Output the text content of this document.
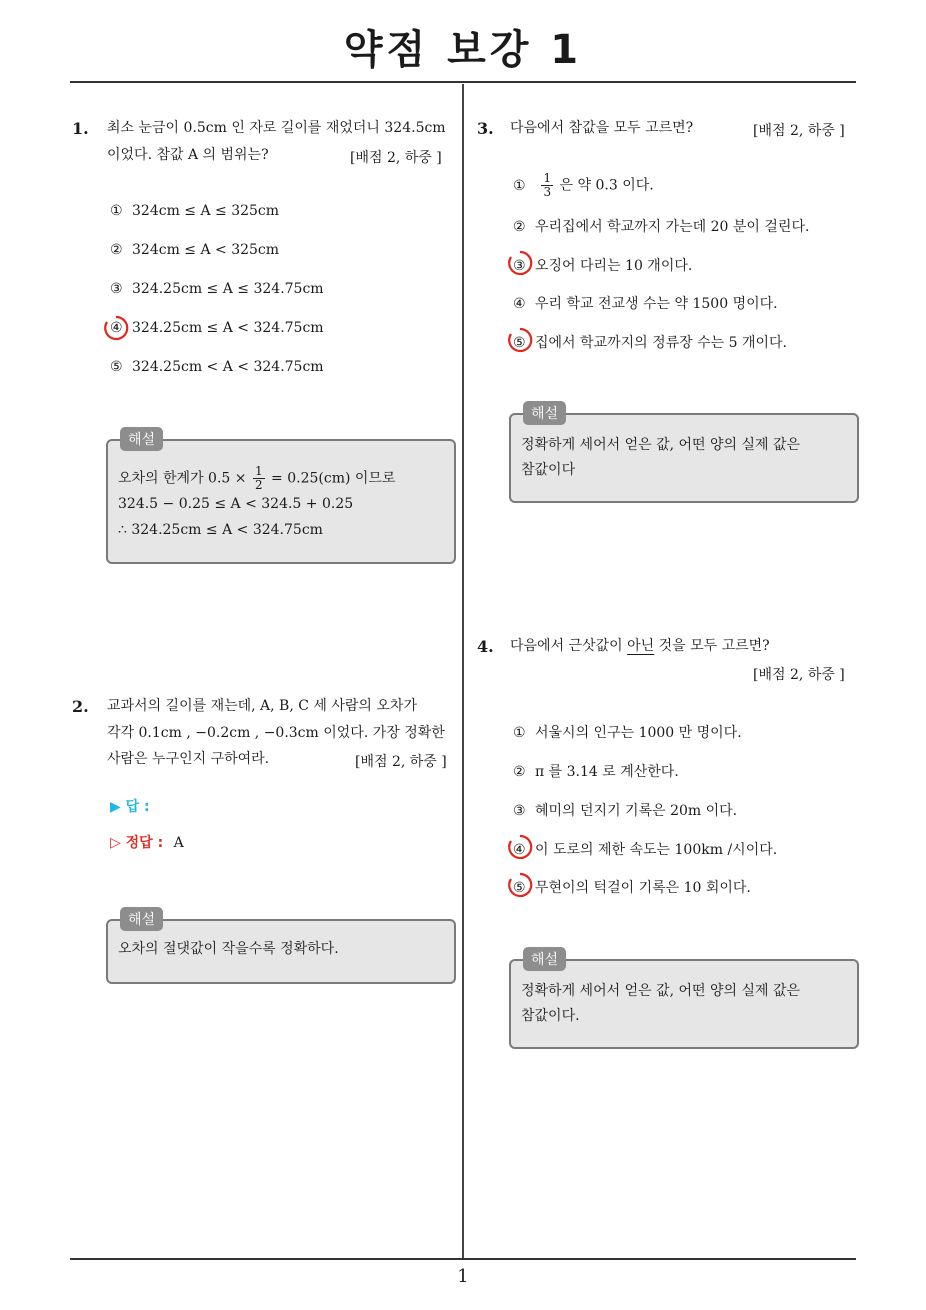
약점 보강 1
1. 최소 눈금이 0.5cm 인 자로 길이를 재었더니 324.5cm
이었다. 참값 A 의 범위는?	[배점 2, 하중 ]
① 324cm ≤ A ≤ 325cm
② 324cm ≤ A < 325cm
③ 324.25cm ≤ A ≤ 324.75cm
④ 324.25cm ≤ A < 324.75cm
⑤ 324.25cm < A < 324.75cm
해설
오차의 한계가 $0.5 \times \frac{1}{2} = 0.25(cm)$ 이므로
324.5 − 0.25 ≤ A < 324.5 + 0.25
∴ 324.25cm ≤ A < 324.75cm
2. 교과서의 길이를 재는데, A, B, C 세 사람의 오차가
각각 0.1cm , −0.2cm , −0.3cm 이었다. 가장 정확한
사람은 누구인지 구하여라.	[배점 2, 하중 ]
▶ 답 :
▷ 정답 : A
해설
오차의 절댓값이 작을수록 정확하다.
3. 다음에서 참값을 모두 고르면?	[배점 2, 하중 ]
① $\frac{1}{3}$ 은 약 0.3 이다.
② 우리집에서 학교까지 가는데 20 분이 걸린다.
③ 오징어 다리는 10 개이다.
④ 우리 학교 전교생 수는 약 1500 명이다.
⑤ 집에서 학교까지의 정류장 수는 5 개이다.
해설
정확하게 세어서 얻은 값, 어떤 양의 실제 값은
참값이다
4. 다음에서 근삿값이 아닌 것을 모두 고르면?
[배점 2, 하중 ]
① 서울시의 인구는 1000 만 명이다.
② π 를 3.14 로 계산한다.
③ 혜미의 던지기 기록은 20m 이다.
④ 이 도로의 제한 속도는 100km /시이다.
⑤ 무현이의 턱걸이 기록은 10 회이다.
해설
정확하게 세어서 얻은 값, 어떤 양의 실제 값은
참값이다.
1
